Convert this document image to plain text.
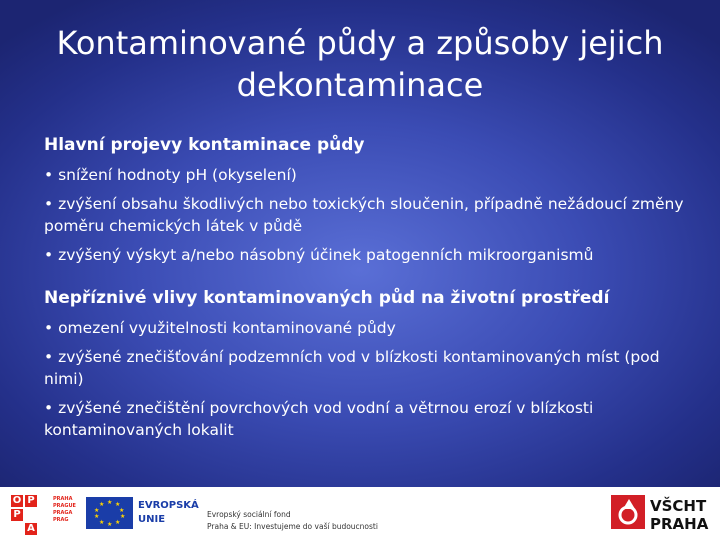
Kontaminované půdy a způsoby jejich dekontaminace
Hlavní projevy kontaminace půdy
• snížení hodnoty pH (okyselení)
• zvýšení obsahu škodlivých nebo toxických sloučenin, případně nežádoucí změny poměru chemických látek v půdě
• zvýšený výskyt a/nebo násobný účinek patogenních mikroorganismů
Nepříznivé vlivy kontaminovaných půd na životní prostředí
• omezení využitelnosti kontaminované půdy
• zvýšené znečišťování podzemních vod v blízkosti kontaminovaných míst (pod nimi)
• zvýšené znečištění povrchových vod vodní a větrnou erozí v blízkosti kontaminovaných lokalit
O P
P
A
PRAHA
PRAGUE
PRAGA
PRAG
★ ★
★
★
★
★
★
★
★
★	EVROPSKÁ
UNIE	Evropský sociální fond
Praha & EU: Investujeme do vaší budoucnosti
VŠCHT
PRAHA
